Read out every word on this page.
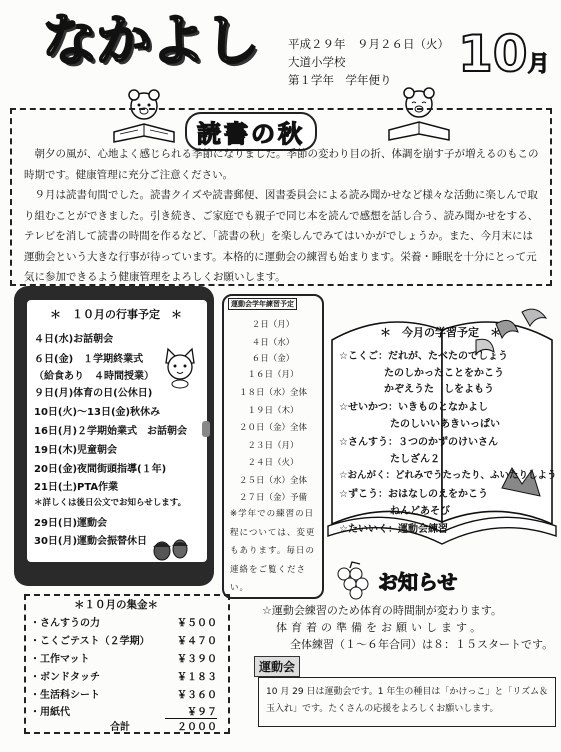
なかよし	平成２９年　９月２６日（火）
大道小学校
第１学年　学年便り	10月
読書の秋

朝夕の風が、心地よく感じられる季節になりました。季節の変わり目の折、体調を崩す子が増えるのもこの時期です。健康管理に充分ご注意ください。

９月は読書旬間でした。読書クイズや読書郵便、図書委員会による読み聞かせなど様々な活動に楽しんで取り組むことができました。引き続き、ご家庭でも親子で同じ本を読んで感想を話し合う、読み聞かせをする、テレビを消して読書の時間を作るなど、「読書の秋」を楽しんでみてはいかがでしょうか。また、今月末には運動会という大きな行事が待っています。本格的に運動会の練習も始まります。栄養・睡眠を十分にとって元気に参加できるよう健康管理をよろしくお願いします。

＊　１０月の行事予定　＊
４日(水)お話朝会
６日(金)　１学期終業式
（給食あり　４時間授業）
９日(月)体育の日(公休日)
10日(火)～13日(金)秋休み
16日(月)２学期始業式　お話朝会
19日(木)児童朝会
20日(金)夜間街頭指導(１年)
21日(土)PTA作業
＊詳しくは後日公文でお知らせします。
29日(日)運動会
30日(月)運動会振替休日
運動会学年練習予定
２日（月）
４日（水）
６日（金）
１６日（月）
１８日（水）全体
１９日（木）
２０日（金）全体
２３日（月）
２４日（火）
２５日（水）全体
２７日（金）予備
※学年での練習の日程については、変更もあります。毎日の連絡をご覧ください。
＊　今月の学習予定　＊
☆こくご：だれが、たべたのでしょう
たのしかったことをかこう
かぞえうた　しをよもう
☆せいかつ：いきものとなかよし
たのしいいあきいっぱい
☆さんすう：３つのかずのけいさん
たしざん２
☆おんがく：どれみでうたったり、ふいたりしよう
☆ずこう：おはなしのえをかこう
ねんどあそび
☆たいいく：運動会練習
＊１０月の集金＊
・さんすうの力	￥５００
・こくごテスト（２学期）	￥４７０
・工作マット	￥３９０
・ボンドタッチ	￥１８３
・生活科シート	￥３６０
・用紙代	￥９７
合計	２０００
お知らせ
☆運動会練習のため体育の時間制が変わります。
体育着の準備をお願いします。
全体練習（１～６年合同）は８：１５スタートです。
運動会
10 月 29 日は運動会です。1 年生の種目は「かけっこ」と「リズム＆玉入れ」です。たくさんの応援をよろしくお願いします。
